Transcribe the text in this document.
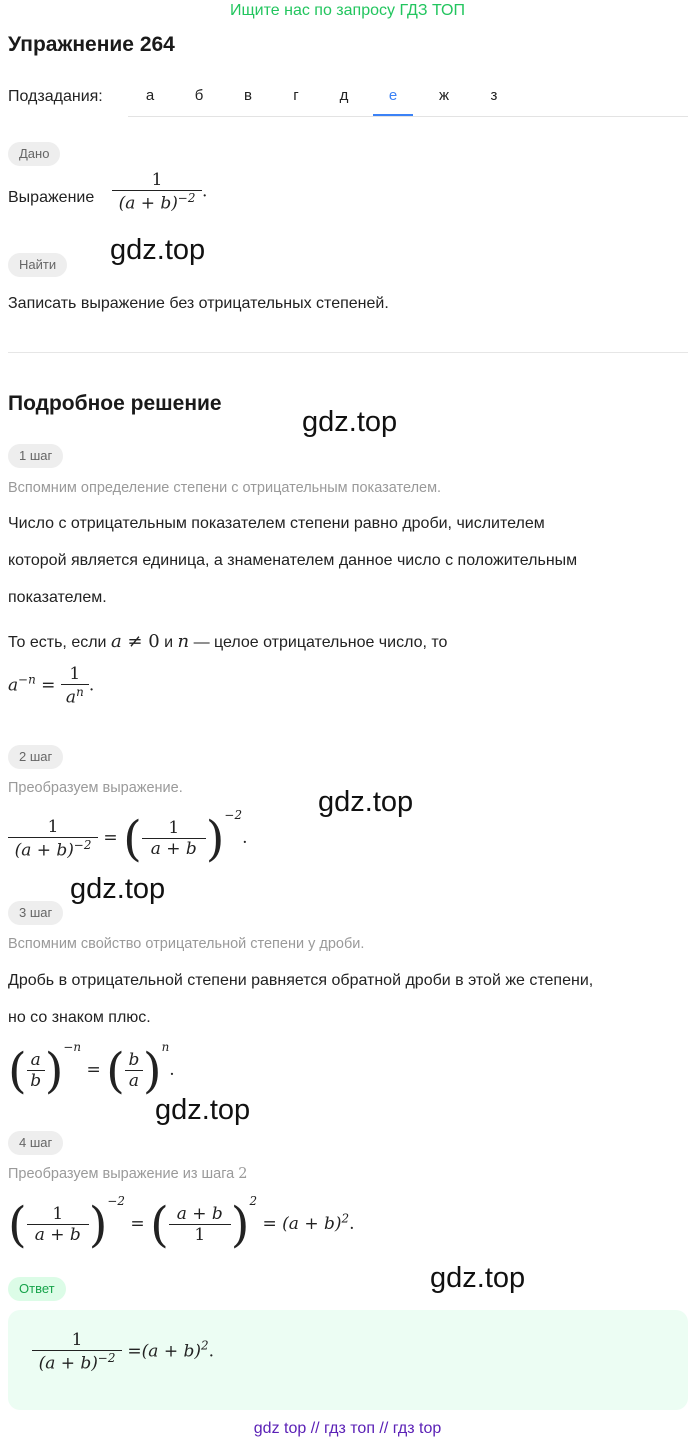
Ищите нас по запросу ГДЗ ТОП
Упражнение 264
Подзадания:	а	б	в	г	д	е	ж	з
Дано
Выражение $\frac{1}{(a + b)^{-2}}$ .
gdz.top
Найти
Записать выражение без отрицательных степеней.
Подробное решение
gdz.top
1 шаг
Вспомним определение степени с отрицательным показателем.
Число с отрицательным показателем степени равно дроби, числителем
которой является единица, а знаменателем данное число с положительным
показателем.
То есть, если a ≠ 0 и n — целое отрицательное число, то
$a^{-n} = \frac{1}{a^n}$ .
2 шаг
Преобразуем выражение.	gdz.top
$\frac{1}{(a + b)^{-2}}$ = ( $\frac{1}{a + b} )^{-2}$.
gdz.top
3 шаг
Вспомним свойство отрицательной степени у дроби.
Дробь в отрицательной степени равняется обратной дроби в этой же степени,
но со знаком плюс.
( $\frac{a}{b} )^{-n}$ = ( $\frac{b}{a} )^n$.
gdz.top
4 шаг
Преобразуем выражение из шага 2
( $\frac{1}{a + b} )^{-2}$ = ( $\frac{a + b}{1} )^2 = (a + b)^2$.
Ответ	gdz.top
$\frac{1}{(a + b)^{-2}} =(a + b)^2$.
gdz top // гдз топ // гдз top
